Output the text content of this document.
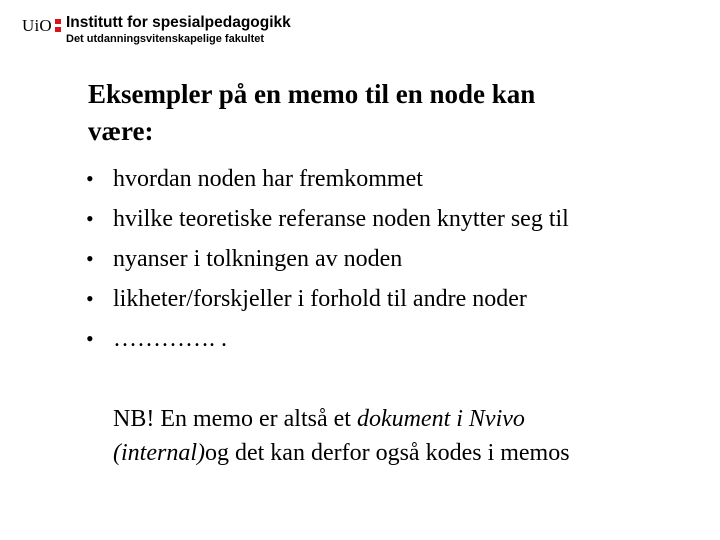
UiO Institutt for spesialpedagogikk
Det utdanningsvitenskapelige fakultet
Eksempler på en memo til en node kan
være:
• hvordan noden har fremkommet
• hvilke teoretiske referanse noden knytter seg til
• nyanser i tolkningen av noden
• likheter/forskjeller i forhold til andre noder
• …………. .

NB! En memo er altså et dokument i Nvivo
(internal)og det kan derfor også kodes i memos
